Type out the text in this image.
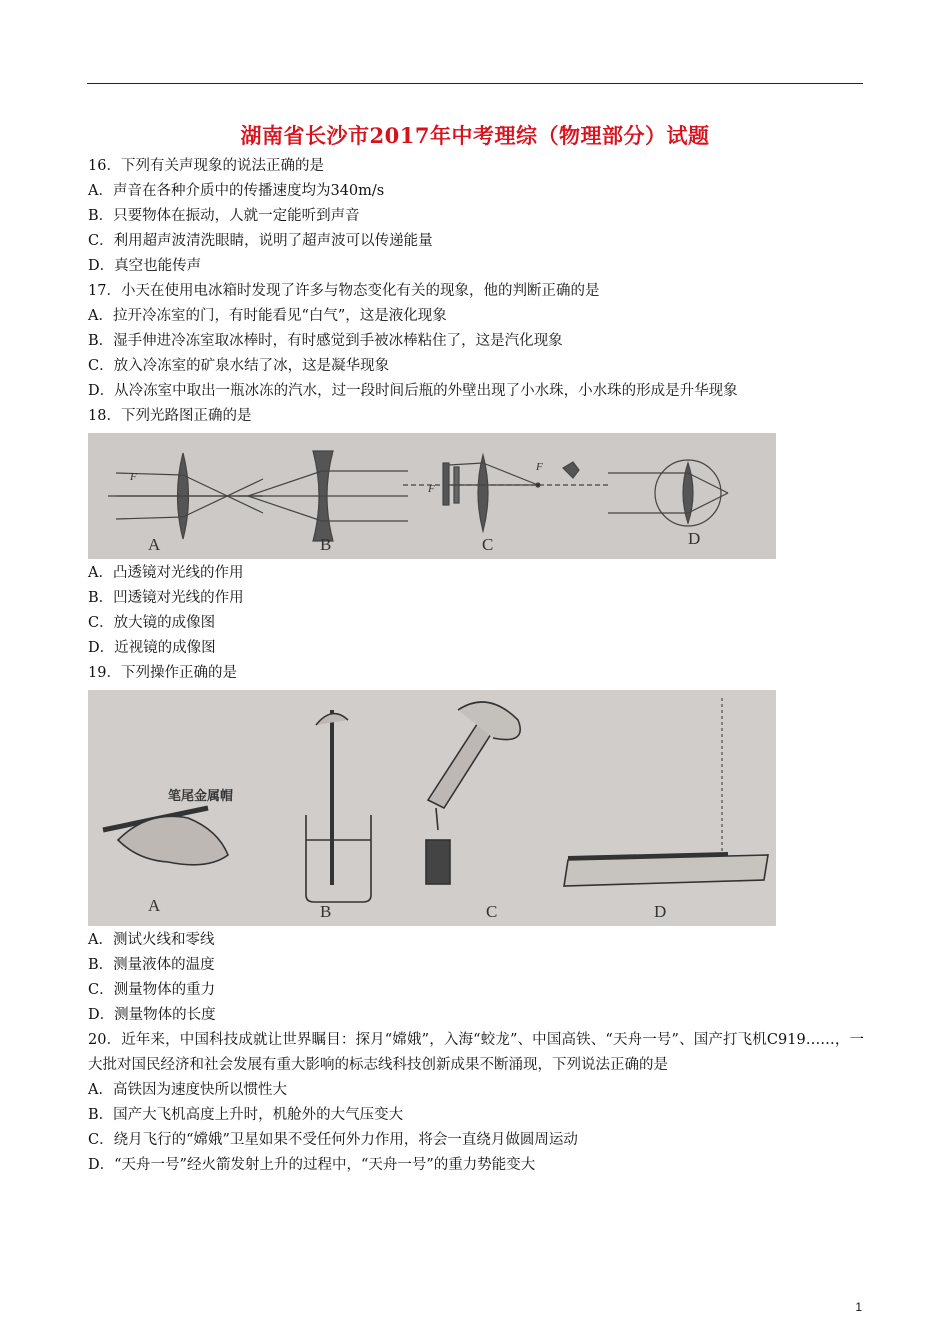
湖南省长沙市2017年中考理综（物理部分）试题
16．下列有关声现象的说法正确的是
A．声音在各种介质中的传播速度均为340m/s
B．只要物体在振动，人就一定能听到声音
C．利用超声波清洗眼睛，说明了超声波可以传递能量
D．真空也能传声
17．小天在使用电冰箱时发现了许多与物态变化有关的现象，他的判断正确的是
A．拉开冷冻室的门，有时能看见“白气”，这是液化现象
B．湿手伸进冷冻室取冰棒时，有时感觉到手被冰棒粘住了，这是汽化现象
C．放入冷冻室的矿泉水结了冰，这是凝华现象
D．从冷冻室中取出一瓶冰冻的汽水，过一段时间后瓶的外壁出现了小水珠，小水珠的形成是升华现象
18．下列光路图正确的是
A	B	C	D
F
F
F
A．凸透镜对光线的作用
B．凹透镜对光线的作用
C．放大镜的成像图
D．近视镜的成像图
19．下列操作正确的是
A	B	C	D
笔尾金属帽
A．测试火线和零线
B．测量液体的温度
C．测量物体的重力
D．测量物体的长度
20．近年来，中国科技成就让世界瞩目：探月“嫦娥”，入海“蛟龙”、中国高铁、“天舟一号”、国产打飞机C919……，一大批对国民经济和社会发展有重大影响的标志线科技创新成果不断涌现，下列说法正确的是
A．高铁因为速度快所以惯性大
B．国产大飞机高度上升时，机舱外的大气压变大
C．绕月飞行的“嫦娥”卫星如果不受任何外力作用，将会一直绕月做圆周运动
D．“天舟一号”经火箭发射上升的过程中，“天舟一号”的重力势能变大
1
